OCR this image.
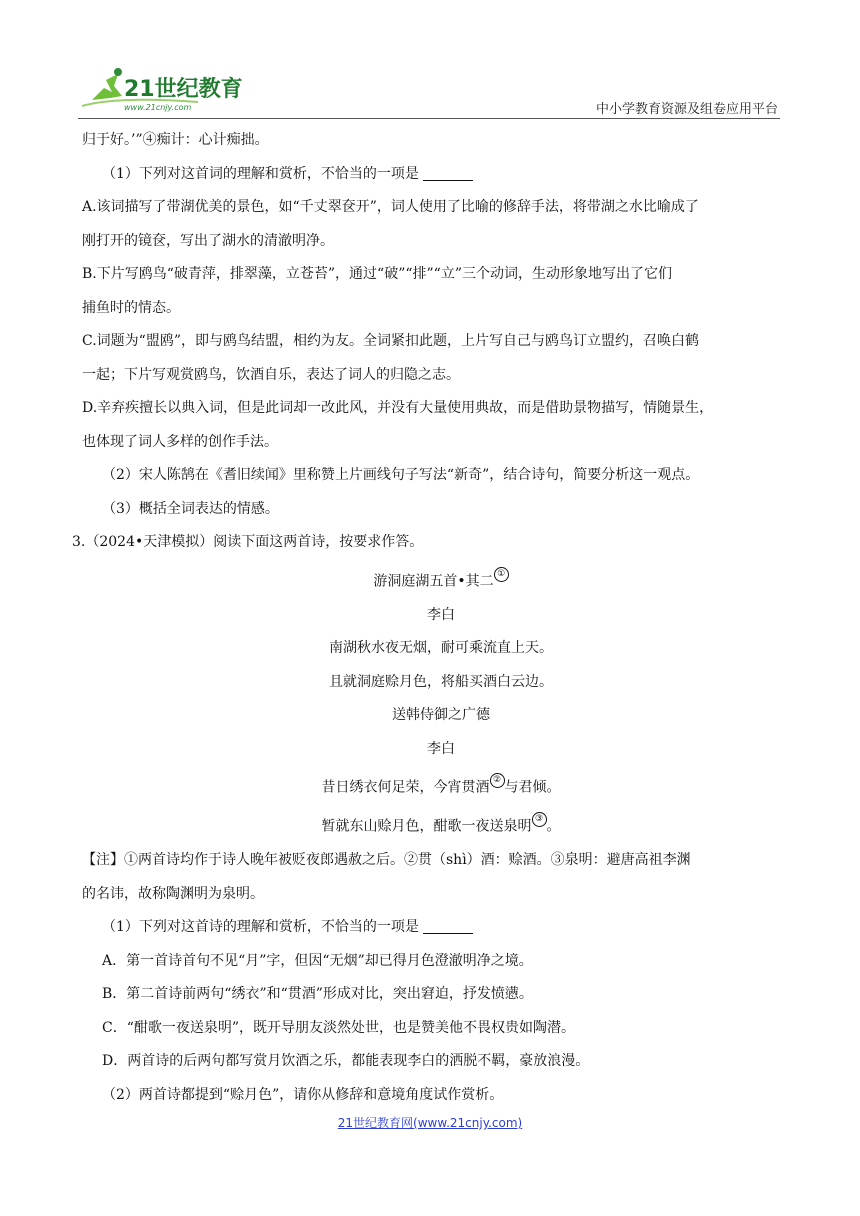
21世纪教育
www.21cnjy.com	中小学教育资源及组卷应用平台

归于好。’”④痴计：心计痴拙。

（1）下列对这首词的理解和赏析，不恰当的一项是

A.该词描写了带湖优美的景色，如“千丈翠奁开”，词人使用了比喻的修辞手法，将带湖之水比喻成了

刚打开的镜奁，写出了湖水的清澈明净。

B.下片写鸥鸟“破青萍，排翠藻，立苍苔”，通过“破”“排”“立”三个动词，生动形象地写出了它们

捕鱼时的情态。

C.词题为“盟鸥”，即与鸥鸟结盟，相约为友。全词紧扣此题，上片写自己与鸥鸟订立盟约，召唤白鹤

一起；下片写观赏鸥鸟，饮酒自乐，表达了词人的归隐之志。

D.辛弃疾擅长以典入词，但是此词却一改此风，并没有大量使用典故，而是借助景物描写，情随景生，

也体现了词人多样的创作手法。

（2）宋人陈鹄在《耆旧续闻》里称赞上片画线句子写法“新奇”，结合诗句，简要分析这一观点。

（3）概括全词表达的情感。

3.（2024•天津模拟）阅读下面这两首诗，按要求作答。

游洞庭湖五首•其二 ①

李白

南湖秋水夜无烟，耐可乘流直上天。

且就洞庭赊月色，将船买酒白云边。

送韩侍御之广德

李白

昔日绣衣何足荣，今宵贯酒 ② 与君倾。

暂就东山赊月色，酣歌一夜送泉明 ③ 。

【注】①两首诗均作于诗人晚年被贬夜郎遇赦之后。②贯（shì）酒：赊酒。③泉明：避唐高祖李渊

的名讳，故称陶渊明为泉明。

（1）下列对这首诗的理解和赏析，不恰当的一项是

A．第一首诗首句不见“月”字，但因“无烟”却已得月色澄澈明净之境。

B．第二首诗前两句“绣衣”和“贯酒”形成对比，突出窘迫，抒发愤懑。

C．“酣歌一夜送泉明”，既开导朋友淡然处世，也是赞美他不畏权贵如陶潜。

D．两首诗的后两句都写赏月饮酒之乐，都能表现李白的洒脱不羁，豪放浪漫。

（2）两首诗都提到“赊月色”，请你从修辞和意境角度试作赏析。

21世纪教育网(www.21cnjy.com)
